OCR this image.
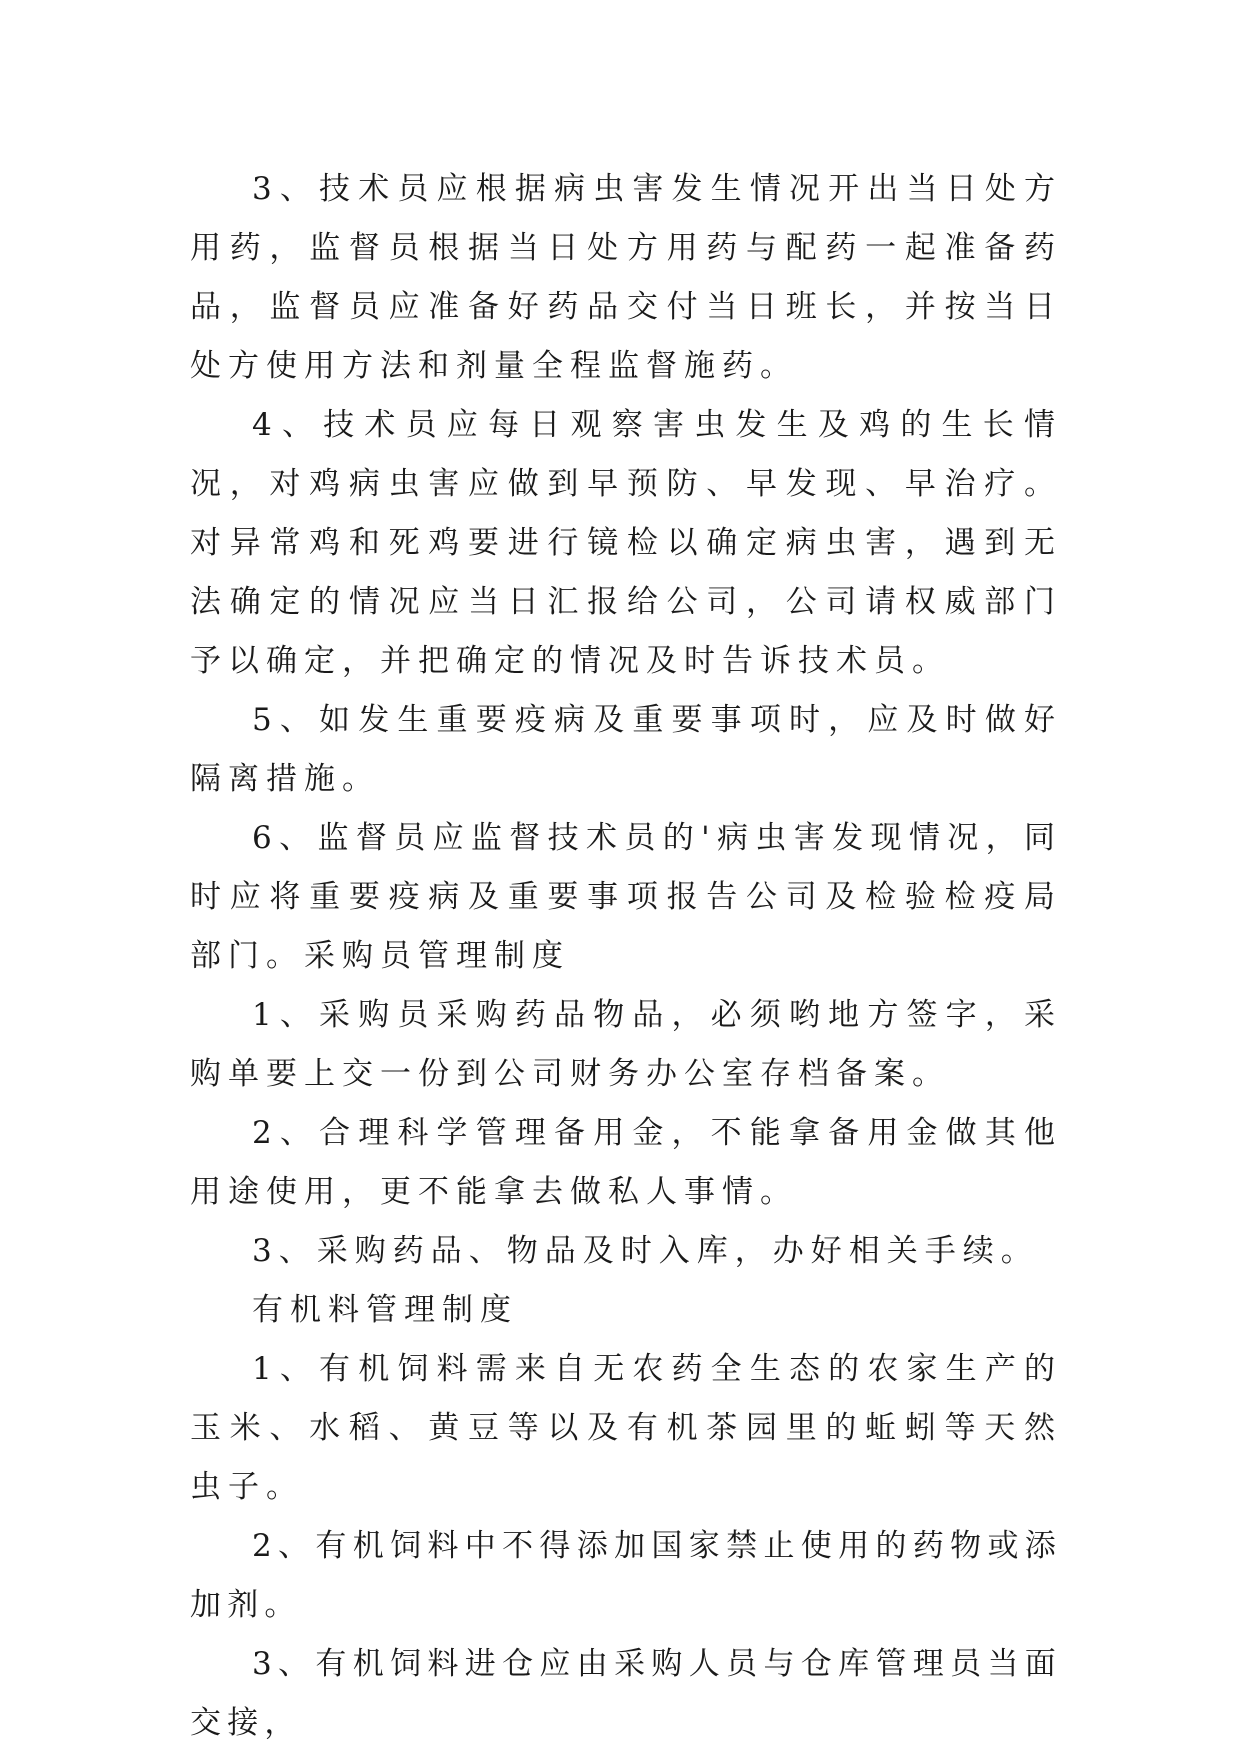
3、技术员应根据病虫害发生情况开出当日处方用药，监督员根据当日处方用药与配药一起准备药品，监督员应准备好药品交付当日班长，并按当日处方使用方法和剂量全程监督施药。

4、技术员应每日观察害虫发生及鸡的生长情况，对鸡病虫害应做到早预防、早发现、早治疗。对异常鸡和死鸡要进行镜检以确定病虫害，遇到无法确定的情况应当日汇报给公司，公司请权威部门予以确定，并把确定的情况及时告诉技术员。

5、如发生重要疫病及重要事项时，应及时做好隔离措施。

6、监督员应监督技术员的'病虫害发现情况，同时应将重要疫病及重要事项报告公司及检验检疫局部门。采购员管理制度

1、采购员采购药品物品，必须哟地方签字，采购单要上交一份到公司财务办公室存档备案。

2、合理科学管理备用金，不能拿备用金做其他用途使用，更不能拿去做私人事情。

3、采购药品、物品及时入库，办好相关手续。

有机料管理制度

1、有机饲料需来自无农药全生态的农家生产的玉米、水稻、黄豆等以及有机茶园里的蚯蚓等天然虫子。

2、有机饲料中不得添加国家禁止使用的药物或添加剂。

3、有机饲料进仓应由采购人员与仓库管理员当面交接，
